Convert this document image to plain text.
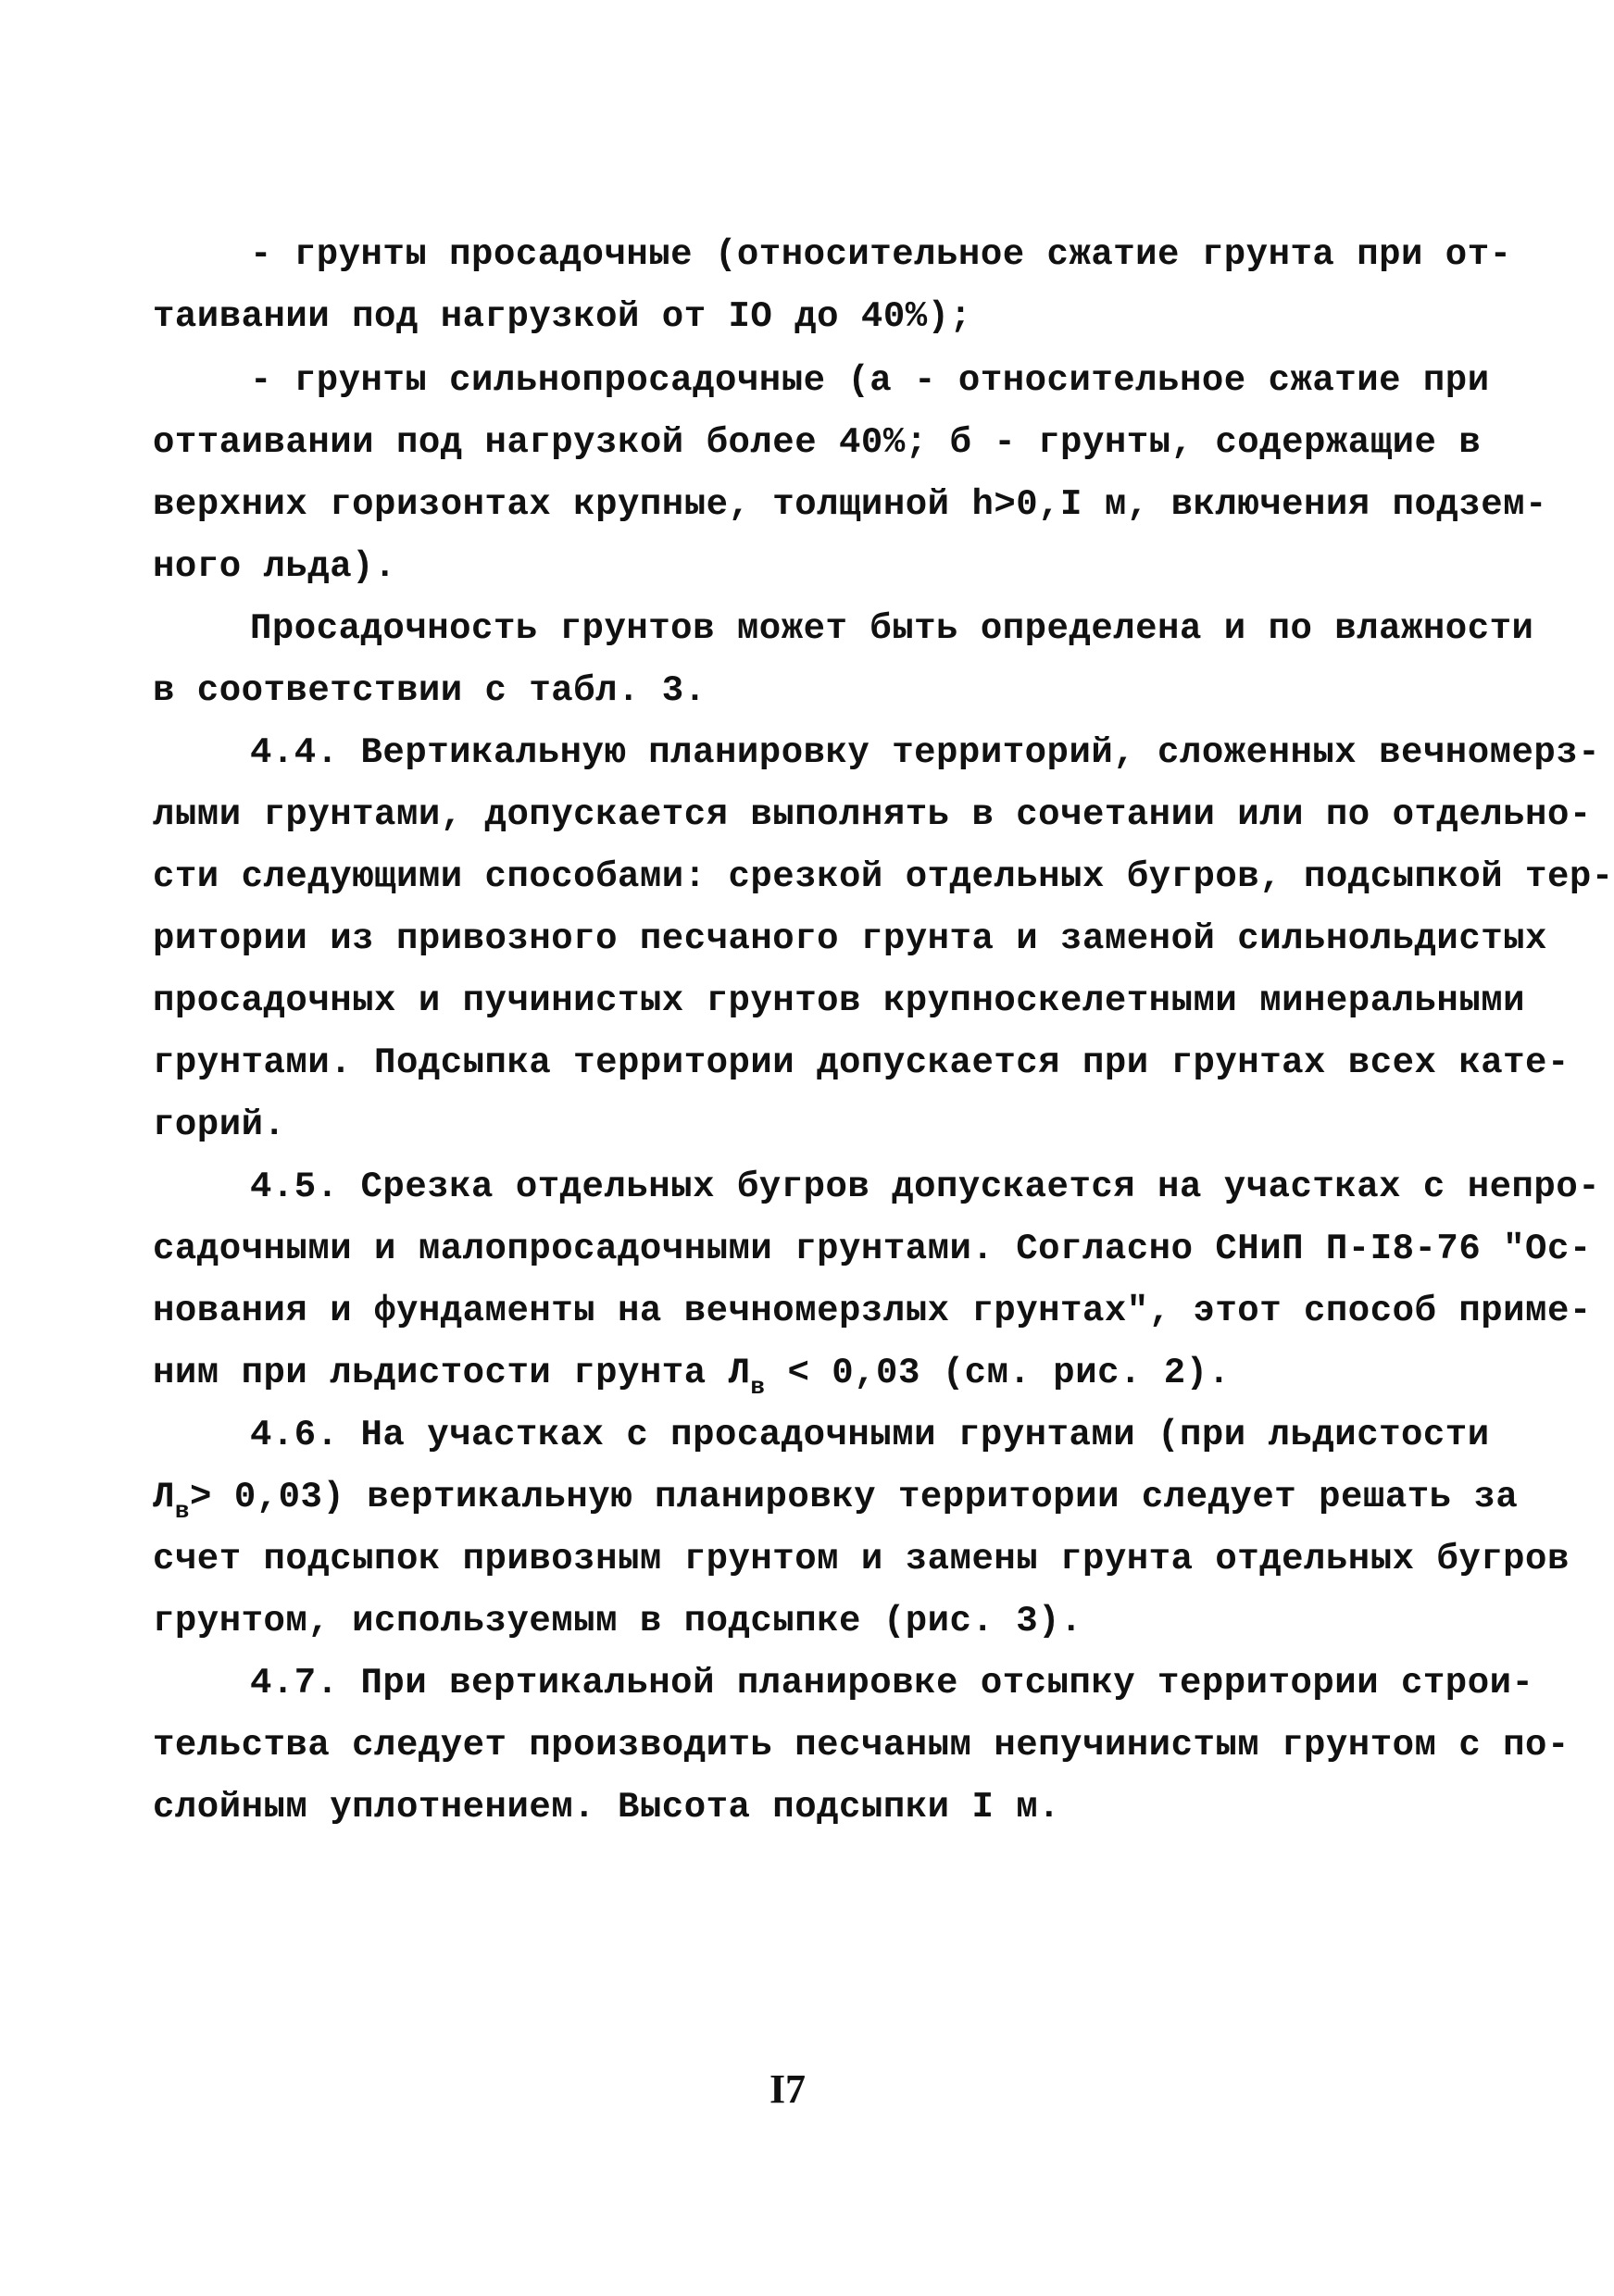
- грунты просадочные (относительное сжатие грунта при от-
таивании под нагрузкой от IO до 40%);
- грунты сильнопросадочные (а - относительное сжатие при
оттаивании под нагрузкой более 40%; б - грунты, содержащие в
верхних горизонтах крупные, толщиной h>0,I м, включения подзем-
ного льда).
Просадочность грунтов может быть определена и по влажности
в соответствии с табл. 3.
4.4. Вертикальную планировку территорий, сложенных вечномерз-
лыми грунтами, допускается выполнять в сочетании или по отдельно-
сти следующими способами: срезкой отдельных бугров, подсыпкой тер-
ритории из привозного песчаного грунта и заменой сильнольдистых
просадочных и пучинистых грунтов крупноскелетными минеральными
грунтами. Подсыпка территории допускается при грунтах всех кате-
горий.
4.5. Срезка отдельных бугров допускается на участках с непро-
садочными и малопросадочными грунтами. Согласно СНиП П-I8-76 "Ос-
нования и фундаменты на вечномерзлых грунтах", этот способ приме-
ним при льдистости грунта $Л_в < 0,03$ (см. рис. 2).
4.6. На участках с просадочными грунтами (при льдистости
$Л_в> 0,03$) вертикальную планировку территории следует решать за
счет подсыпок привозным грунтом и замены грунта отдельных бугров
грунтом, используемым в подсыпке (рис. 3).
4.7. При вертикальной планировке отсыпку территории строи-
тельства следует производить песчаным непучинистым грунтом с по-
слойным уплотнением. Высота подсыпки I м.
I7
